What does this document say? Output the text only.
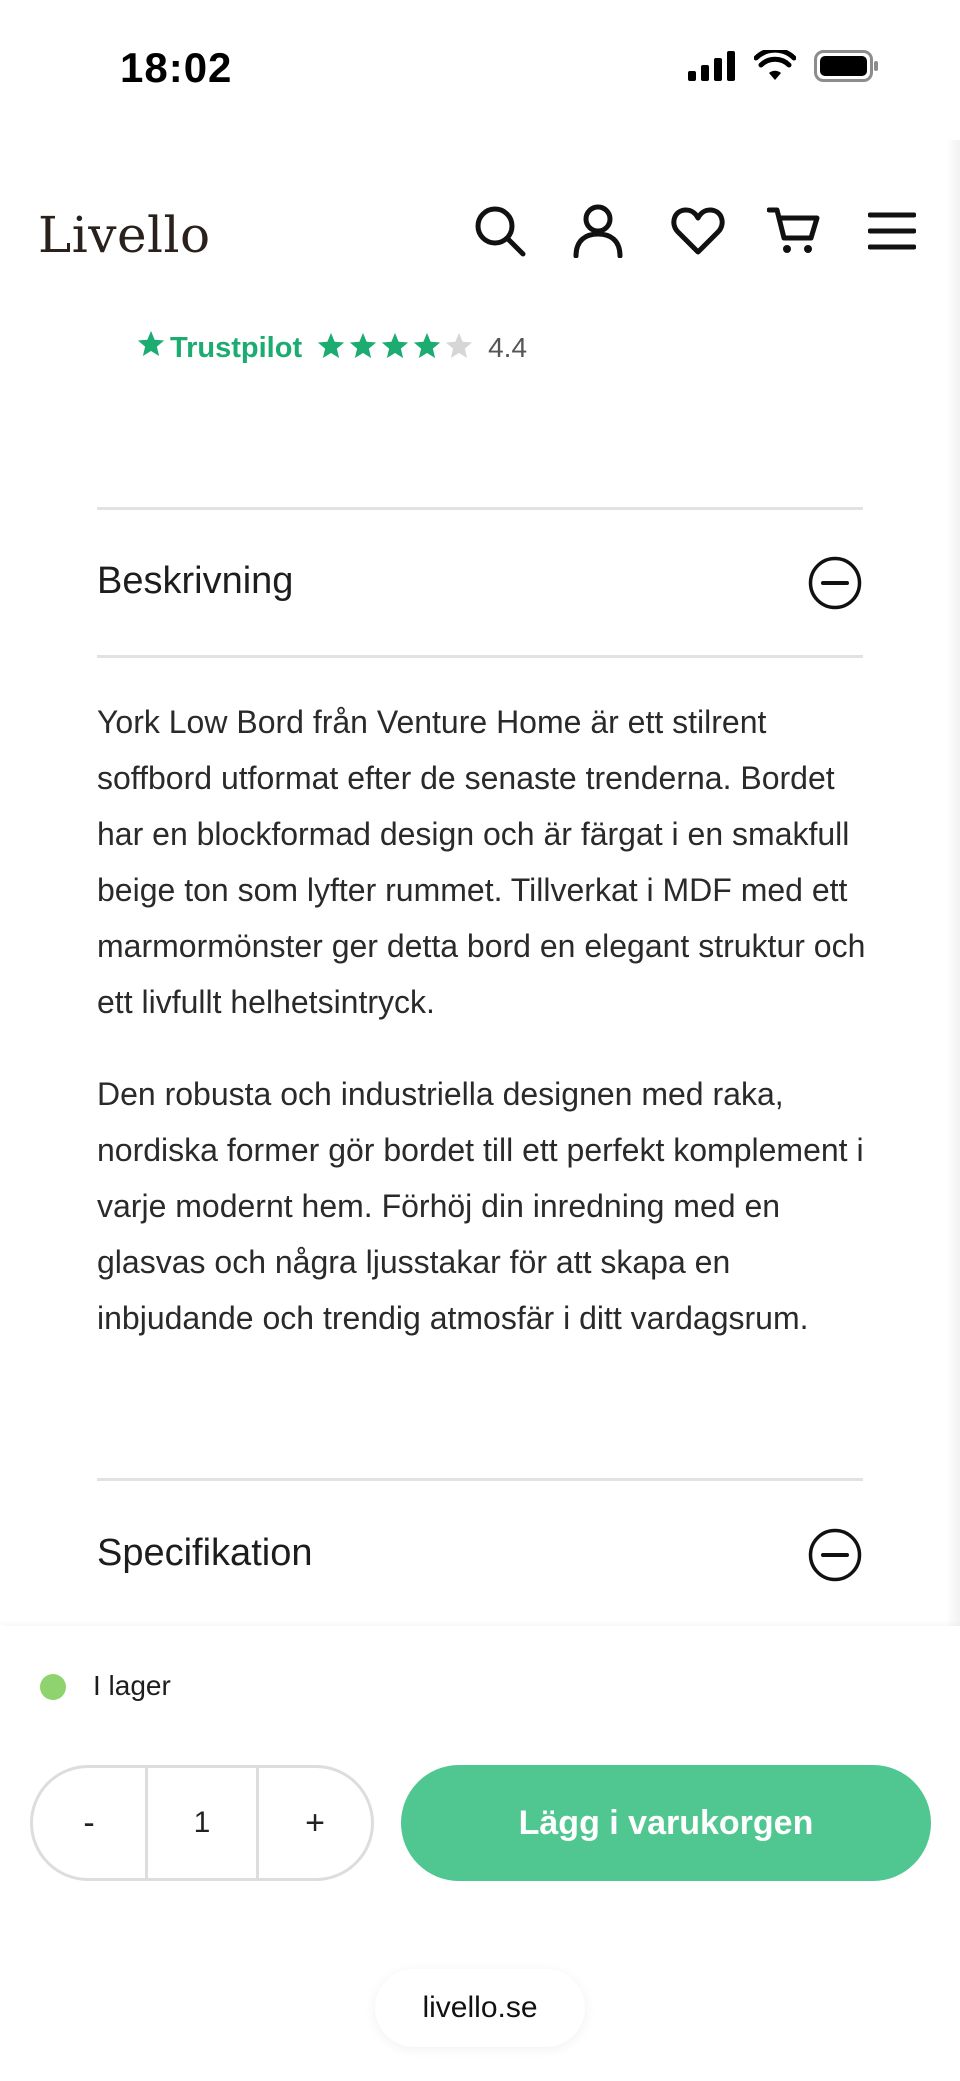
18:02
Livello
Trustpilot	4.4
Beskrivning

York Low Bord från Venture Home är ett stilrent soffbord utformat efter de senaste trenderna. Bordet har en blockformad design och är färgat i en smakfull beige ton som lyfter rummet. Tillverkat i MDF med ett marmormönster ger detta bord en elegant struktur och ett livfullt helhetsintryck.

Den robusta och industriella designen med raka, nordiska former gör bordet till ett perfekt komplement i varje modernt hem. Förhöj din inredning med en glasvas och några ljusstakar för att skapa en inbjudande och trendig atmosfär i ditt vardagsrum.

Specifikation
I lager
-	1	+	Lägg i varukorgen
livello.se
